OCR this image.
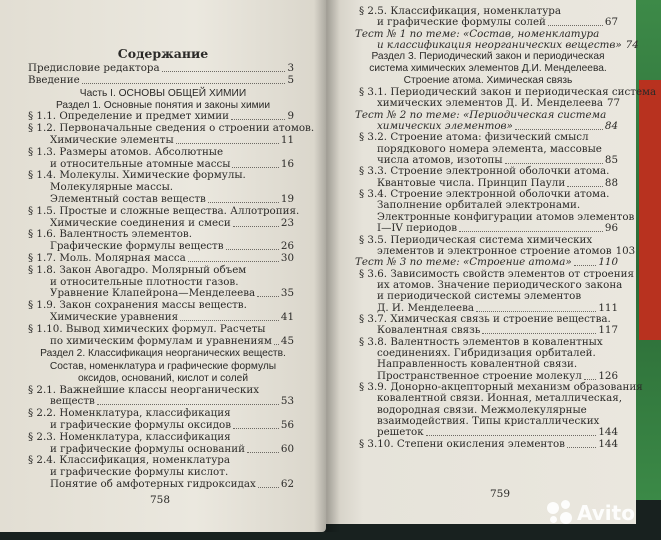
Содержание
Предисловие редактора	3
Введение	5
Часть I. ОСНОВЫ ОБЩЕЙ ХИМИИ
Раздел 1. Основные понятия и законы химии
§ 1.1. Определение и предмет химии	9
§ 1.2. Первоначальные сведения о строении атомов.
Химические элементы	11
§ 1.3. Размеры атомов. Абсолютные
и относительные атомные массы	16
§ 1.4. Молекулы. Химические формулы.
Молекулярные массы.
Элементный состав веществ	19
§ 1.5. Простые и сложные вещества. Аллотропия.
Химические соединения и смеси	23
§ 1.6. Валентность элементов.
Графические формулы веществ	26
§ 1.7. Моль. Молярная масса	30
§ 1.8. Закон Авогадро. Молярный объем
и относительные плотности газов.
Уравнение Клапейрона—Менделеева 35
§ 1.9. Закон сохранения массы веществ.
Химические уравнения	41
§ 1.10. Вывод химических формул. Расчеты
по химическим формулам и уравнениям 45
Раздел 2. Классификация неорганических веществ.
Состав, номенклатура и графические формулы
оксидов, оснований, кислот и солей
§ 2.1. Важнейшие классы неорганических
веществ	53
§ 2.2. Номенклатура, классификация
и графические формулы оксидов	56
§ 2.3. Номенклатура, классификация
и графические формулы оснований	60
§ 2.4. Классификация, номенклатура
и графические формулы кислот.
Понятие об амфотерных гидроксидах 62
758
§ 2.5. Классификация, номенклатура
и графические формулы солей	67
Тест № 1 по теме: «Состав, номенклатура
и классификация неорганических веществ» 74
Раздел 3. Периодический закон и периодическая
система химических элементов Д.И. Менделеева.
Строение атома. Химическая связь
§ 3.1. Периодический закон и периодическая система
химических элементов Д. И. Менделеева 77
Тест № 2 по теме: «Периодическая система
химических элементов»	84
§ 3.2. Строение атома: физический смысл
порядкового номера элемента, массовые
числа атомов, изотопы	85
§ 3.3. Строение электронной оболочки атома.
Квантовые числа. Принцип Паули	88
§ 3.4. Строение электронной оболочки атома.
Заполнение орбиталей электронами.
Электронные конфигурации атомов элементов
I—IV периодов	96
§ 3.5. Периодическая система химических
элементов и электронное строение атомов 103
Тест № 3 по теме: «Строение атома»	110
§ 3.6. Зависимость свойств элементов от строения
их атомов. Значение периодического закона
и периодической системы элементов
Д. И. Менделеева	111
§ 3.7. Химическая связь и строение вещества.
Ковалентная связь	117
§ 3.8. Валентность элементов в ковалентных
соединениях. Гибридизация орбиталей.
Направленность ковалентной связи.
Пространственное строение молекул 126
§ 3.9. Донорно-акцепторный механизм образования
ковалентной связи. Ионная, металлическая,
водородная связи. Межмолекулярные
взаимодействия. Типы кристаллических
решеток	144
§ 3.10. Степени окисления элементов	144
759
Avito
